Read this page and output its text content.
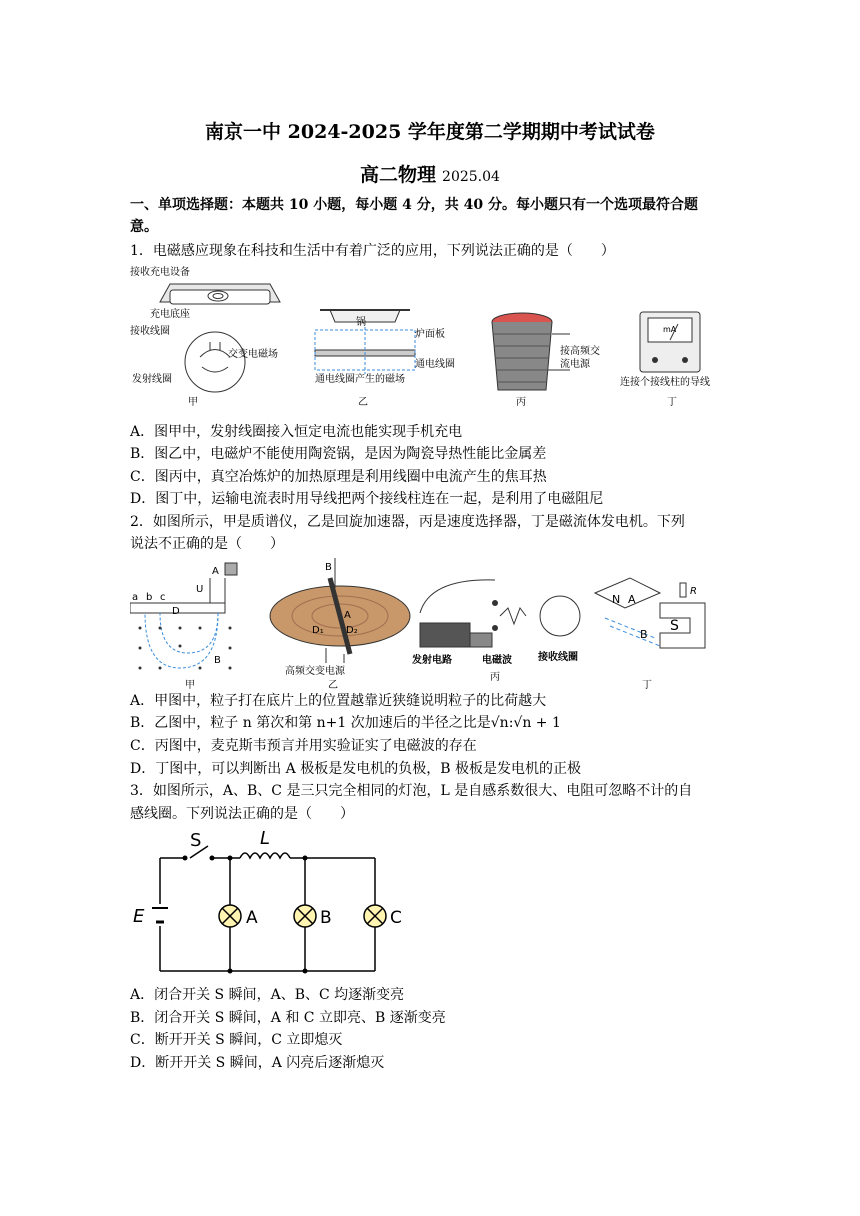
南京一中 2024-2025 学年度第二学期期中考试试卷
高二物理 2025.04
一、单项选择题：本题共 10 小题，每小题 4 分，共 40 分。每小题只有一个选项最符合题
意。
1．电磁感应现象在科技和生活中有着广泛的应用，下列说法正确的是（　　）
接收充电设备
充电底座
接收线圈
交变电磁场
发射线圈
甲
锅
炉面板
通电线圈
通电线圈产生的磁场
乙
接高频交
流电源
丙
mA
连接个接线柱的导线
丁
A．图甲中，发射线圈接入恒定电流也能实现手机充电
B．图乙中，电磁炉不能使用陶瓷锅，是因为陶瓷导热性能比金属差
C．图丙中，真空冶炼炉的加热原理是利用线圈中电流产生的焦耳热
D．图丁中，运输电流表时用导线把两个接线柱连在一起，是利用了电磁阻尼
2．如图所示，甲是质谱仪，乙是回旋加速器，丙是速度选择器，丁是磁流体发电机。下列
说法不正确的是（　　）
a b c
D
U
A
B
甲
B
D₁ D₂
A
高频交变电源
乙
发射电路	电磁波	接收线圈
丙
R
N A
B
S
丁
A．甲图中，粒子打在底片上的位置越靠近狭缝说明粒子的比荷越大
B．乙图中，粒子 n 第次和第 n+1 次加速后的半径之比是√n:√n + 1
C．丙图中，麦克斯韦预言并用实验证实了电磁波的存在
D．丁图中，可以判断出 A 极板是发电机的负极，B 极板是发电机的正极
3．如图所示，A、B、C 是三只完全相同的灯泡，L 是自感系数很大、电阻可忽略不计的自
感线圈。下列说法正确的是（　　）
S	L
E	A	B	C
A．闭合开关 S 瞬间，A、B、C 均逐渐变亮
B．闭合开关 S 瞬间，A 和 C 立即亮、B 逐渐变亮
C．断开开关 S 瞬间，C 立即熄灭
D．断开开关 S 瞬间，A 闪亮后逐渐熄灭
